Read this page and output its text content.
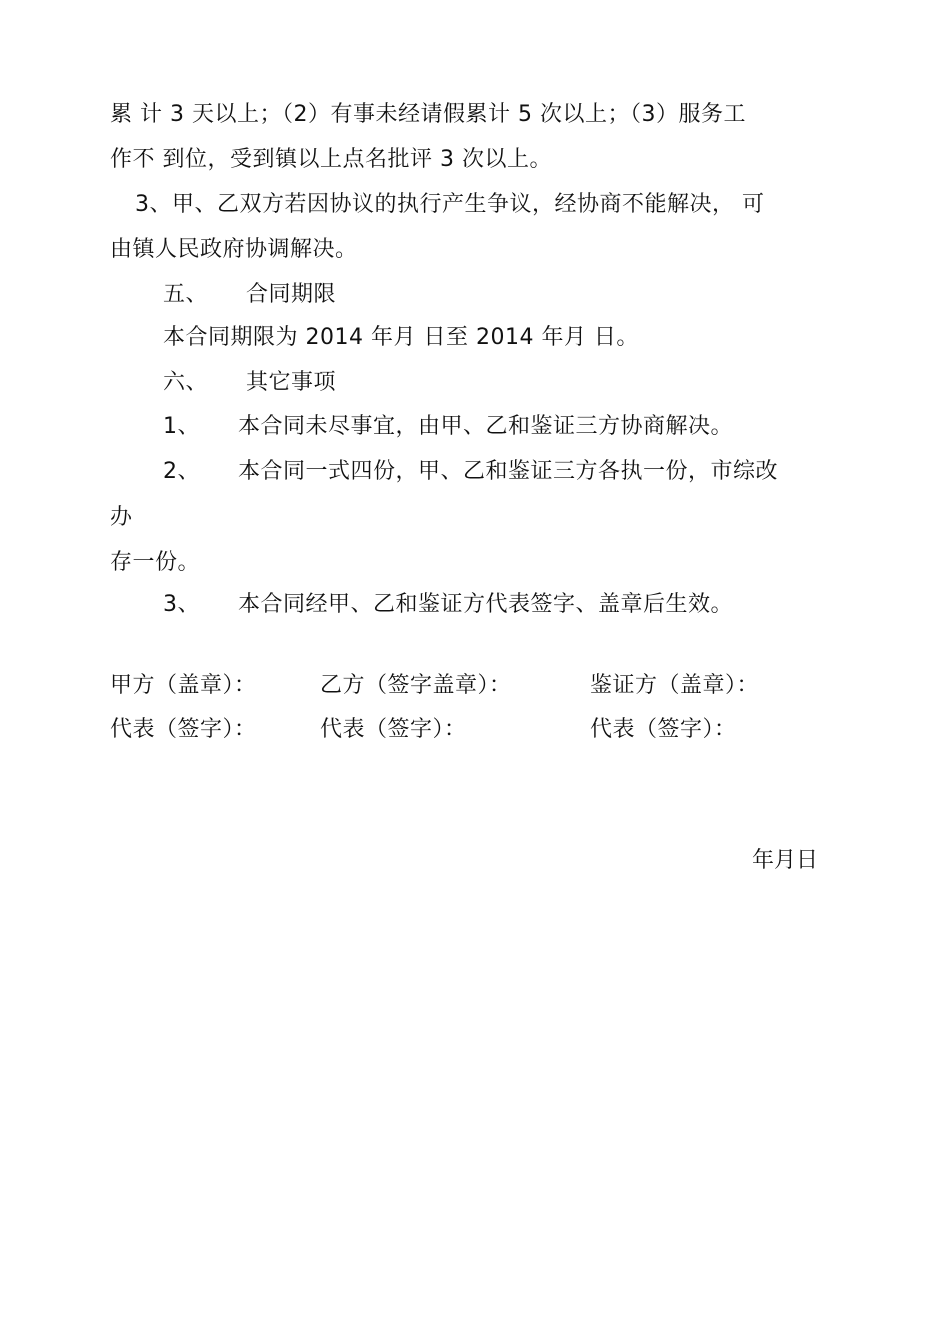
累 计 3 天以上；（2）有事未经请假累计 5 次以上；（3）服务工
作不 到位，受到镇以上点名批评 3 次以上。
3、甲、乙双方若因协议的执行产生争议，经协商不能解决， 可
由镇人民政府协调解决。
五、 合同期限
本合同期限为 2014 年月 日至 2014 年月 日。
六、 其它事项
1、 本合同未尽事宜，由甲、乙和鉴证三方协商解决。
2、 本合同一式四份，甲、乙和鉴证三方各执一份，市综改
办
存一份。
3、 本合同经甲、乙和鉴证方代表签字、盖章后生效。
甲方（盖章）：	乙方（签字盖章）：	鉴证方（盖章）：
代表（签字）：	代表（签字）：	代表（签字）：
年月日
